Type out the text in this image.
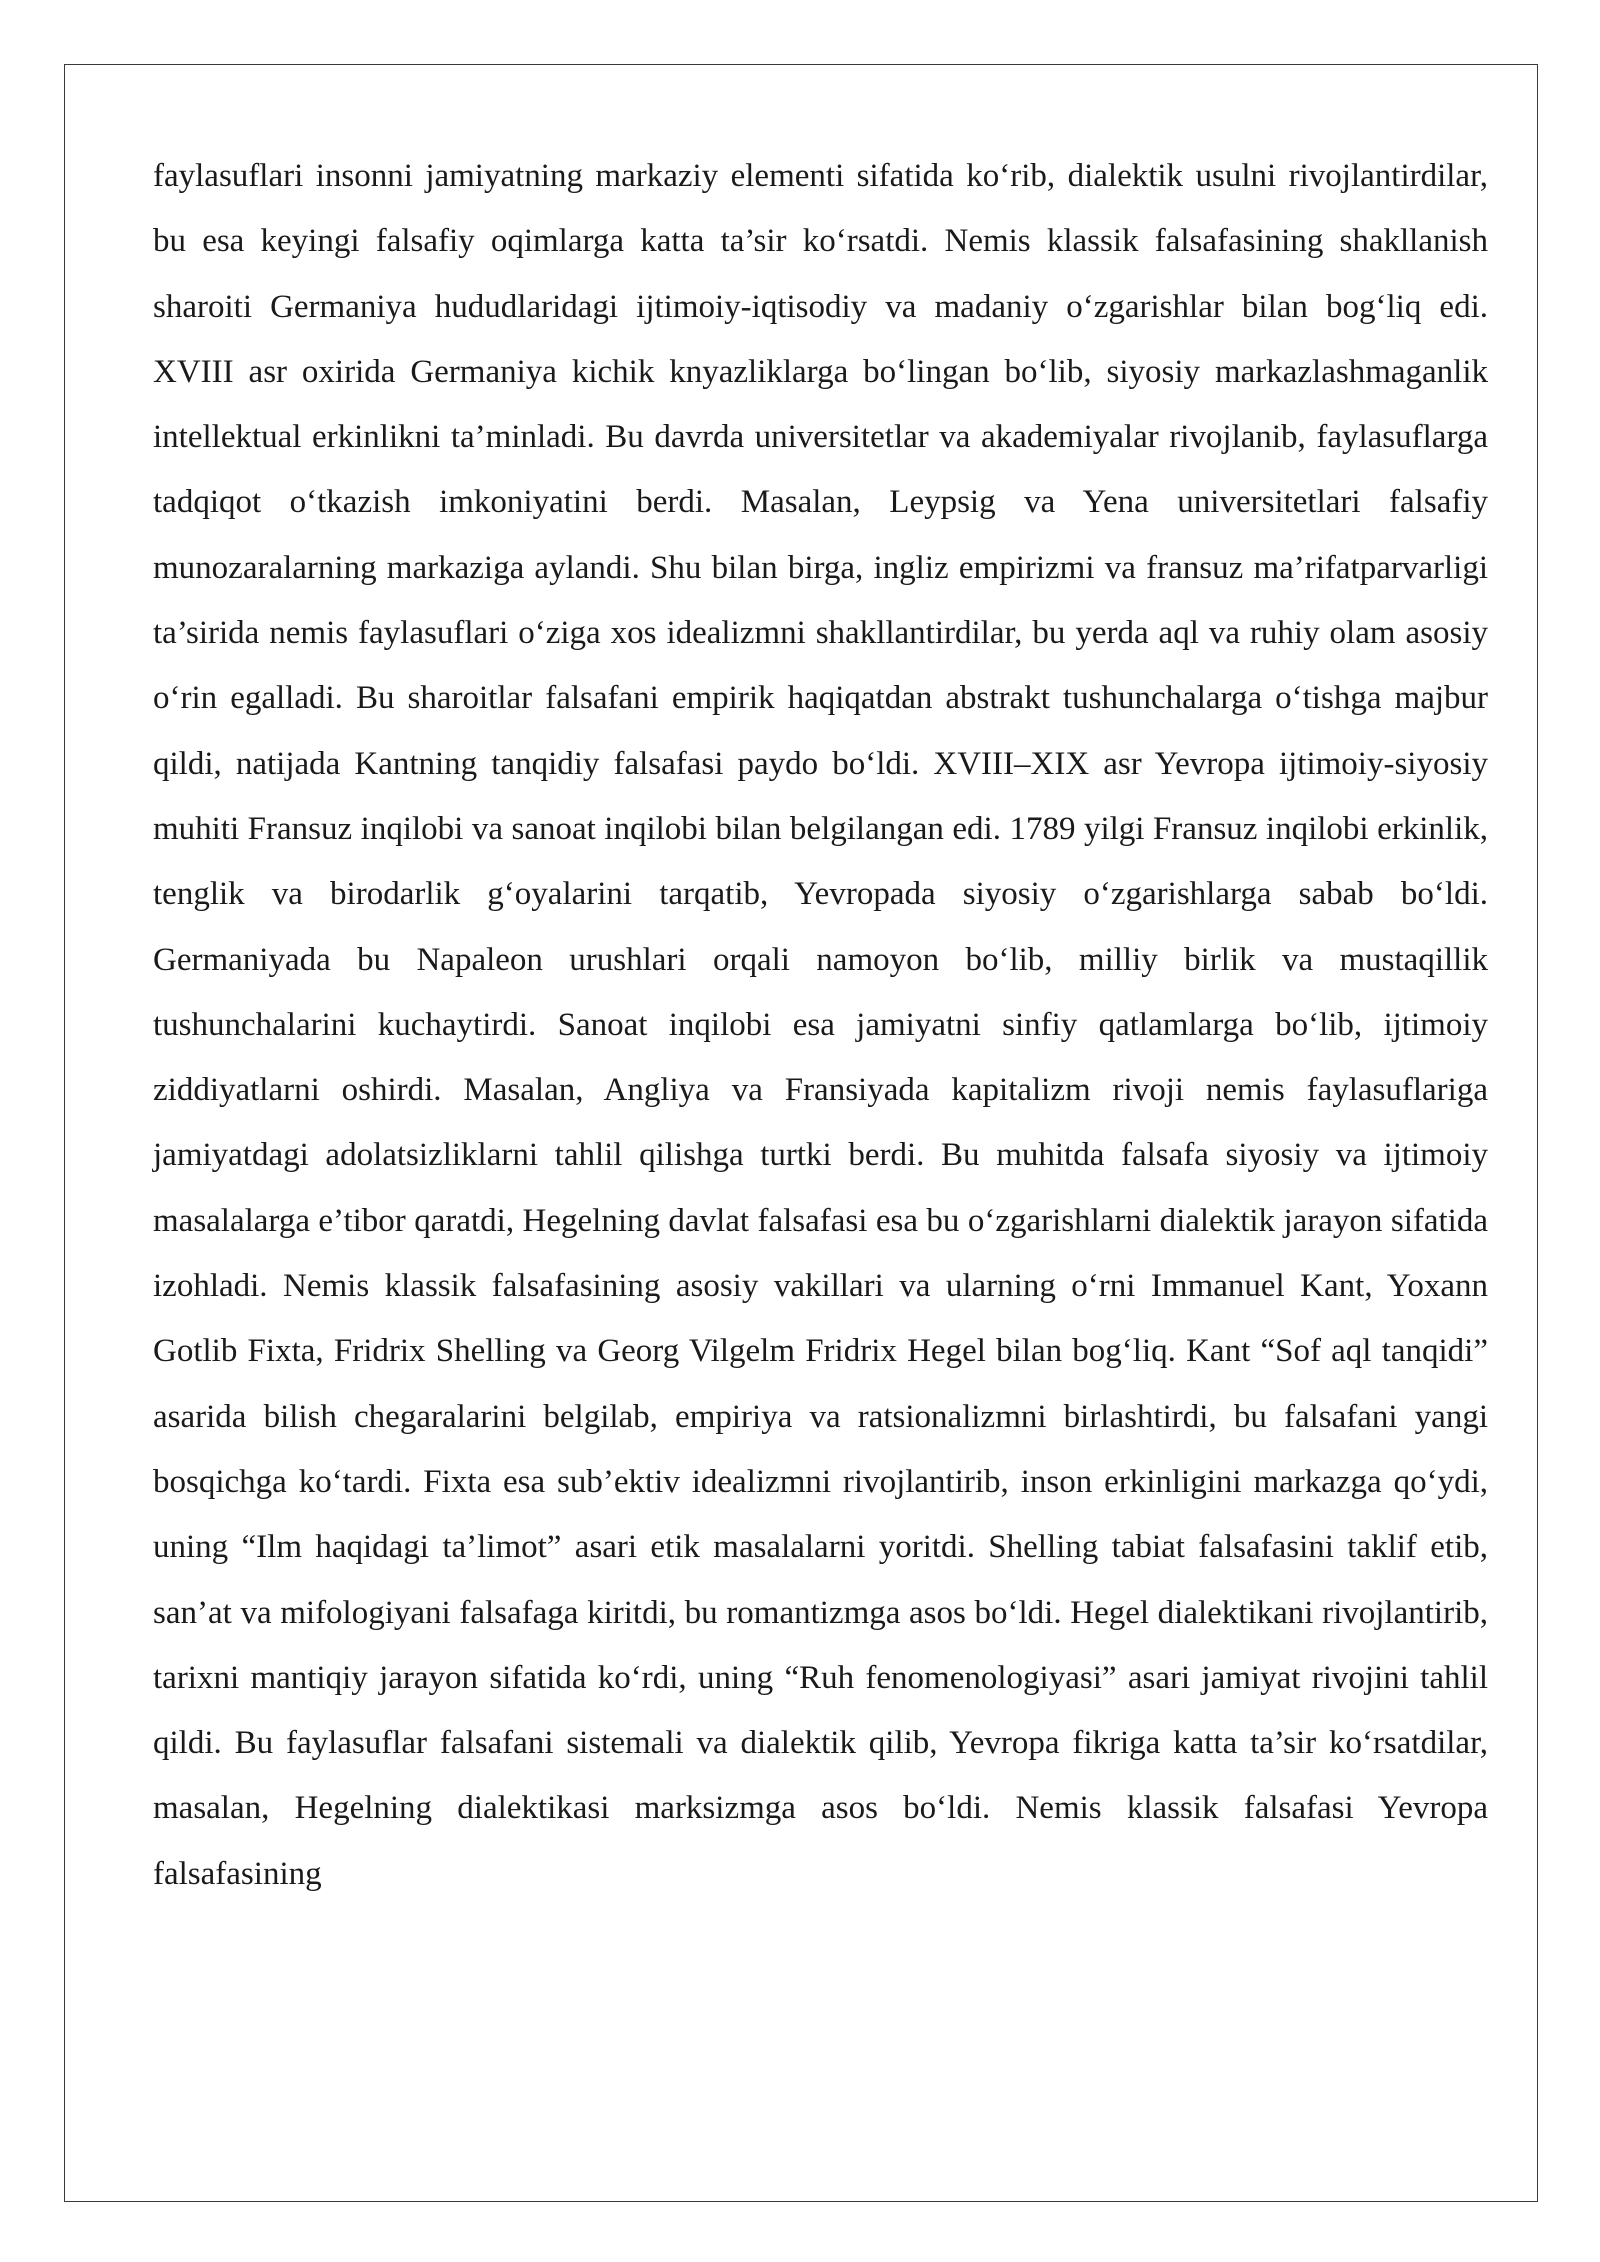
faylasuflari insonni jamiyatning markaziy elementi sifatida ko‘rib, dialektik usulni rivojlantirdilar, bu esa keyingi falsafiy oqimlarga katta ta’sir ko‘rsatdi. Nemis klassik falsafasining shakllanish sharoiti Germaniya hududlaridagi ijtimoiy-iqtisodiy va madaniy o‘zgarishlar bilan bog‘liq edi. XVIII asr oxirida Germaniya kichik knyazliklarga bo‘lingan bo‘lib, siyosiy markazlashmaganlik intellektual erkinlikni ta’minladi. Bu davrda universitetlar va akademiyalar rivojlanib, faylasuflarga tadqiqot o‘tkazish imkoniyatini berdi. Masalan, Leypsig va Yena universitetlari falsafiy munozaralarning markaziga aylandi. Shu bilan birga, ingliz empirizmi va fransuz ma’rifatparvarligi ta’sirida nemis faylasuflari o‘ziga xos idealizmni shakllantirdilar, bu yerda aql va ruhiy olam asosiy o‘rin egalladi. Bu sharoitlar falsafani empirik haqiqatdan abstrakt tushunchalarga o‘tishga majbur qildi, natijada Kantning tanqidiy falsafasi paydo bo‘ldi. XVIII–XIX asr Yevropa ijtimoiy-siyosiy muhiti Fransuz inqilobi va sanoat inqilobi bilan belgilangan edi. 1789 yilgi Fransuz inqilobi erkinlik, tenglik va birodarlik g‘oyalarini tarqatib, Yevropada siyosiy o‘zgarishlarga sabab bo‘ldi. Germaniyada bu Napaleon urushlari orqali namoyon bo‘lib, milliy birlik va mustaqillik tushunchalarini kuchaytirdi. Sanoat inqilobi esa jamiyatni sinfiy qatlamlarga bo‘lib, ijtimoiy ziddiyatlarni oshirdi. Masalan, Angliya va Fransiyada kapitalizm rivoji nemis faylasuflariga jamiyatdagi adolatsizliklarni tahlil qilishga turtki berdi. Bu muhitda falsafa siyosiy va ijtimoiy masalalarga e’tibor qaratdi, Hegelning davlat falsafasi esa bu o‘zgarishlarni dialektik jarayon sifatida izohladi. Nemis klassik falsafasining asosiy vakillari va ularning o‘rni Immanuel Kant, Yoxann Gotlib Fixta, Fridrix Shelling va Georg Vilgelm Fridrix Hegel bilan bog‘liq. Kant “Sof aql tanqidi” asarida bilish chegaralarini belgilab, empiriya va ratsionalizmni birlashtirdi, bu falsafani yangi bosqichga ko‘tardi. Fixta esa sub’ektiv idealizmni rivojlantirib, inson erkinligini markazga qo‘ydi, uning “Ilm haqidagi ta’limot” asari etik masalalarni yoritdi. Shelling tabiat falsafasini taklif etib, san’at va mifologiyani falsafaga kiritdi, bu romantizmga asos bo‘ldi. Hegel dialektikani rivojlantirib, tarixni mantiqiy jarayon sifatida ko‘rdi, uning “Ruh fenomenologiyasi” asari jamiyat rivojini tahlil qildi. Bu faylasuflar falsafani sistemali va dialektik qilib, Yevropa fikriga katta ta’sir ko‘rsatdilar, masalan, Hegelning dialektikasi marksizmga asos bo‘ldi. Nemis klassik falsafasi Yevropa falsafasining
